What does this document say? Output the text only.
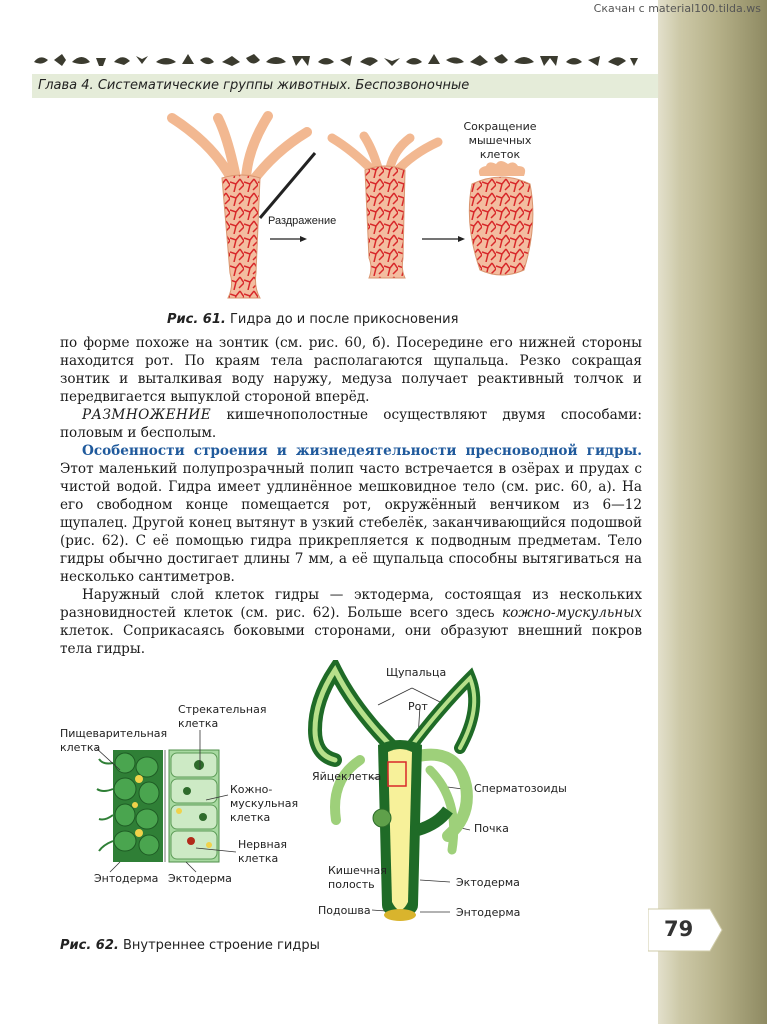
Скачан с material100.tilda.ws
Глава 4. Систематические группы животных. Беспозвоночные
Раздражение
Сокращение
мышечных
клеток
Рис. 61. Гидра до и после прикосновения

по форме похоже на зонтик (см. рис. 60, б). Посередине его нижней стороны находится рот. По краям тела располагаются щупальца. Резко сокращая зонтик и выталкивая воду наружу, медуза получает реактивный толчок и передвигается выпуклой стороной вперёд.

РАЗМНОЖЕНИЕ кишечнополостные осуществляют двумя способами: половым и бесполым.

Особенности строения и жизнедеятельности пресноводной гидры. Этот маленький полупрозрачный полип часто встречается в озёрах и прудах с чистой водой. Гидра имеет удлинённое мешковидное тело (см. рис. 60, а). На его свободном конце помещается рот, окружённый венчиком из 6—12 щупалец. Другой конец вытянут в узкий стебелёк, заканчивающийся подошвой (рис. 62). С её помощью гидра прикрепляется к подводным предметам. Тело гидры обычно достигает длины 7 мм, а её щупальца способны вытягиваться на несколько сантиметров.

Наружный слой клеток гидры — эктодерма, состоящая из нескольких разновидностей клеток (см. рис. 62). Больше всего здесь кожно-мускульных клеток. Соприкасаясь боковыми сторонами, они образуют внешний покров тела гидры.

Пищеварительная
клетка
Стрекательная
клетка
Кожно-
мускульная
клетка
Нервная
клетка
Энтодерма Эктодерма
Щупальца
Рот
Яйцеклетка
Сперматозоиды
Почка
Кишечная
полость	Эктодерма
Подошва	Энтодерма
Рис. 62. Внутреннее строение гидры
79
